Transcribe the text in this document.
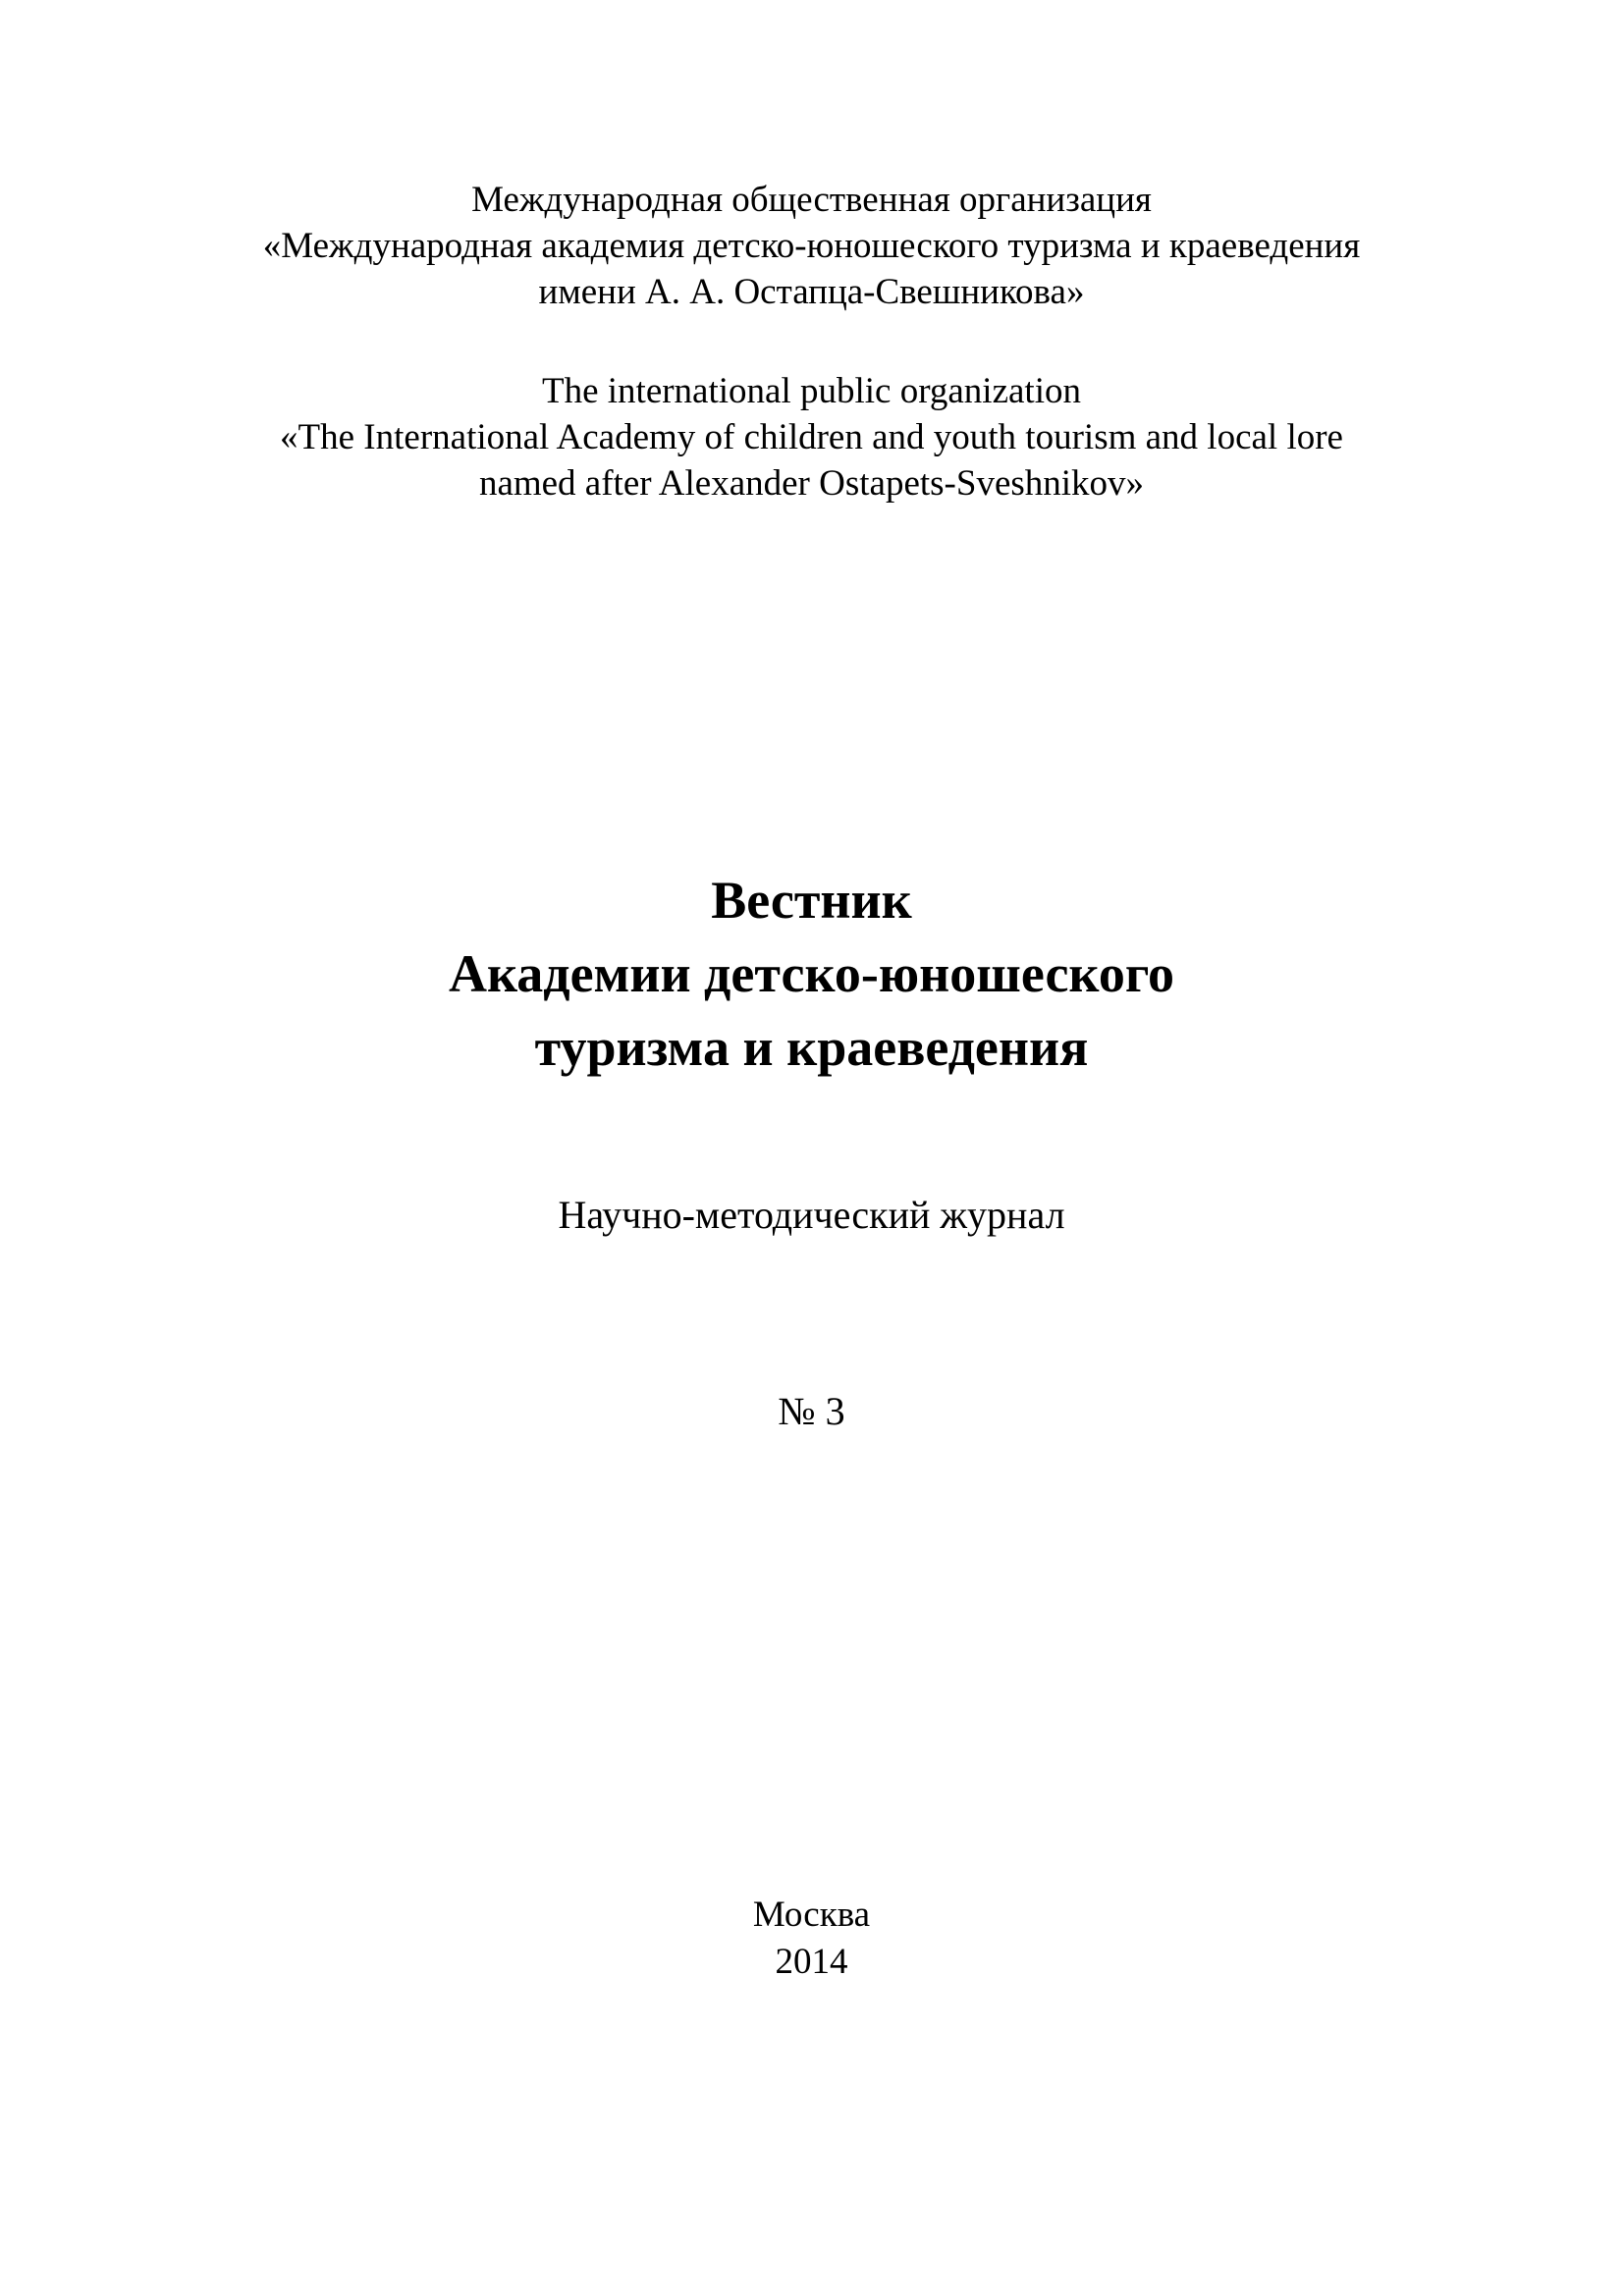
Международная общественная организация
«Международная академия детско-юношеского туризма и краеведения
имени А. А. Остапца-Свешникова»
The international public organization
«The International Academy of children and youth tourism and local lore
named after Alexander Ostapets-Sveshnikov»
Вестник
Академии детско-юношеского
туризма и краеведения
Научно-методический журнал
№ 3
Москва
2014
